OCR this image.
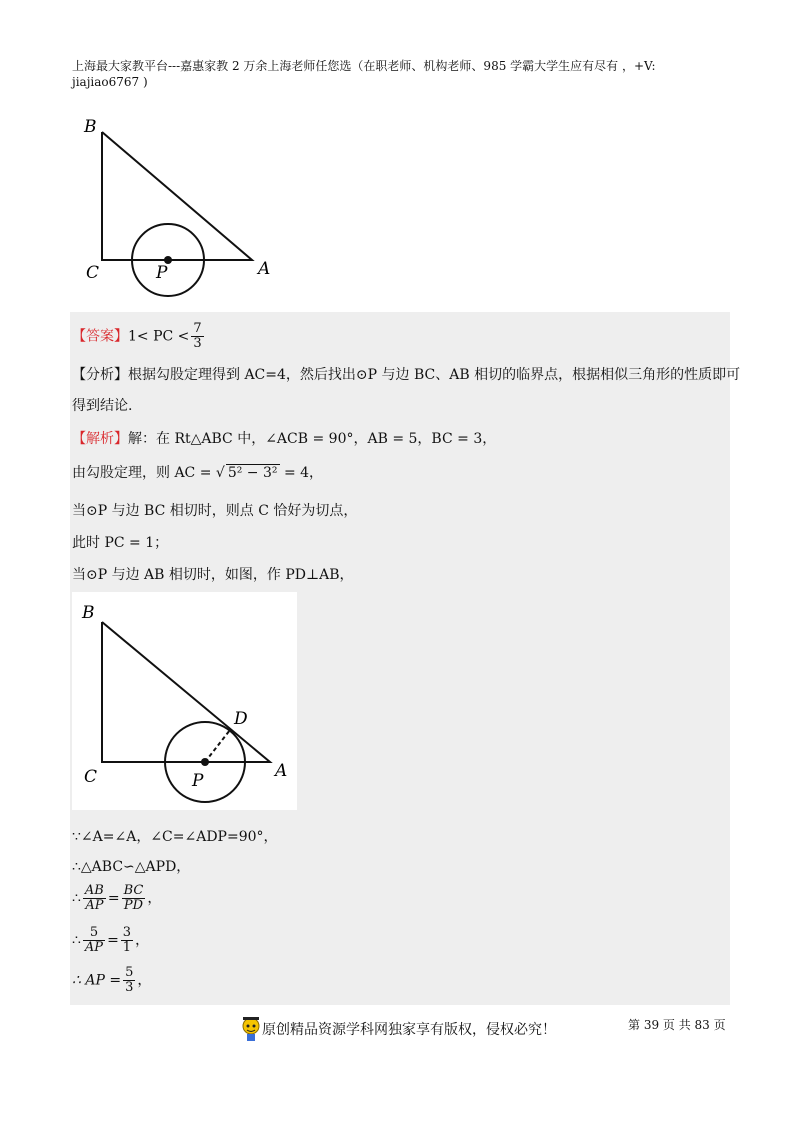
上海最大家教平台---嘉惠家教 2 万余上海老师任您选（在职老师、机构老师、985 学霸大学生应有尽有 ，+V:
jiajiao6767 )
B
C	P	A
【答案】1< PC < $\frac{7}{3}$
【分析】根据勾股定理得到 AC=4，然后找出⊙P 与边 BC、AB 相切的临界点，根据相似三角形的性质即可
得到结论.
【解析】解：在 Rt△ABC 中，∠ACB = 90°，AB = 5，BC = 3，
由勾股定理，则 AC = √ 5² − 3² = 4，
当⊙P 与边 BC 相切时，则点 C 恰好为切点，
此时 PC = 1；
当⊙P 与边 AB 相切时，如图，作 PD⊥AB，
B
C	P	A
D
∵∠A=∠A，∠C=∠ADP=90°，
∴△ABC∽△APD，
∴ $\frac{AB}{AP} = \frac{BC}{PD}$ ，
∴ $\frac{5}{AP} = \frac{3}{1}$ ，
∴ AP = $\frac{5}{3}$ ，
原创精品资源学科网独家享有版权，侵权必究！	第 39 页 共 83 页
